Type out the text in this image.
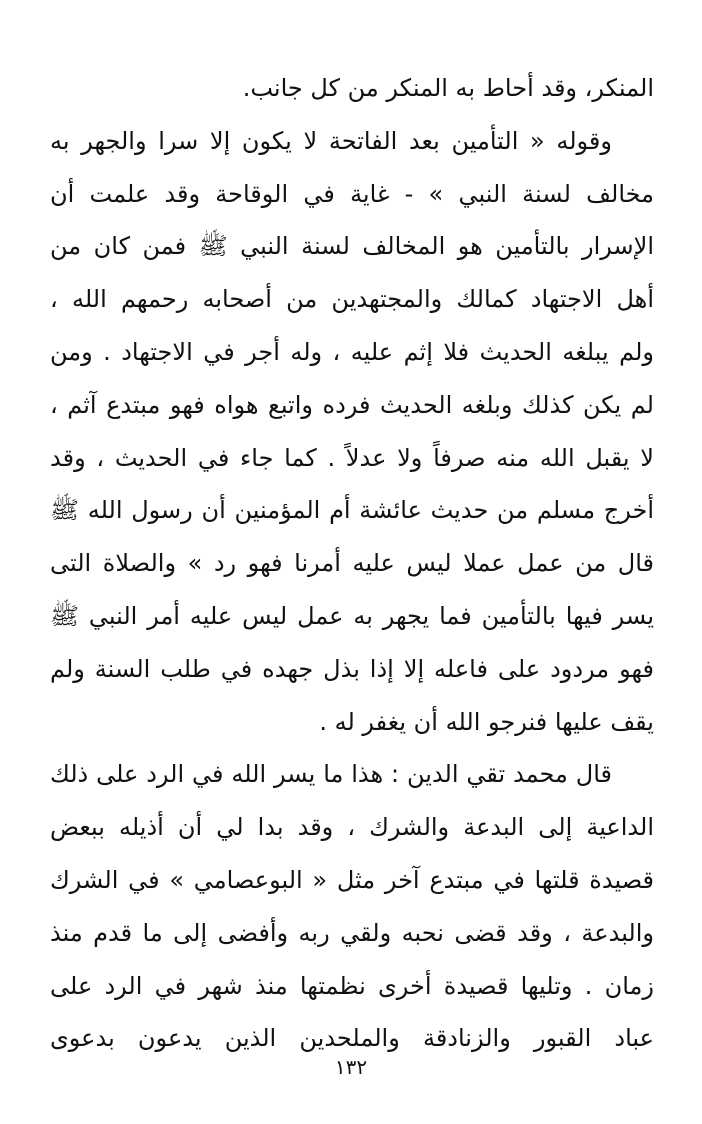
المنكر، وقد أحاط به المنكر من كل جانب.
وقوله « التأمين بعد الفاتحة لا يكون إلا سرا والجهر به
مخالف لسنة النبي » - غاية في الوقاحة وقد علمت أن
الإسرار بالتأمين هو المخالف لسنة النبي ﷺ فمن كان من
أهل الاجتهاد كمالك والمجتهدين من أصحابه رحمهم الله ،
ولم يبلغه الحديث فلا إثم عليه ، وله أجر في الاجتهاد . ومن
لم يكن كذلك وبلغه الحديث فرده واتبع هواه فهو مبتدع آثم ،
لا يقبل الله منه صرفاً ولا عدلاً . كما جاء في الحديث ، وقد
أخرج مسلم من حديث عائشة أم المؤمنين أن رسول الله ﷺ
قال من عمل عملا ليس عليه أمرنا فهو رد » والصلاة التى
يسر فيها بالتأمين فما يجهر به عمل ليس عليه أمر النبي ﷺ
فهو مردود على فاعله إلا إذا بذل جهده في طلب السنة ولم
يقف عليها فنرجو الله أن يغفر له .
قال محمد تقي الدين : هذا ما يسر الله في الرد على ذلك
الداعية إلى البدعة والشرك ، وقد بدا لي أن أذيله ببعض
قصيدة قلتها في مبتدع آخر مثل « البوعصامي » في الشرك
والبدعة ، وقد قضى نحبه ولقي ربه وأفضى إلى ما قدم منذ
زمان . وتليها قصيدة أخرى نظمتها منذ شهر في الرد على
عباد القبور والزنادقة والملحدين الذين يدعون بدعوى
١٣٢
